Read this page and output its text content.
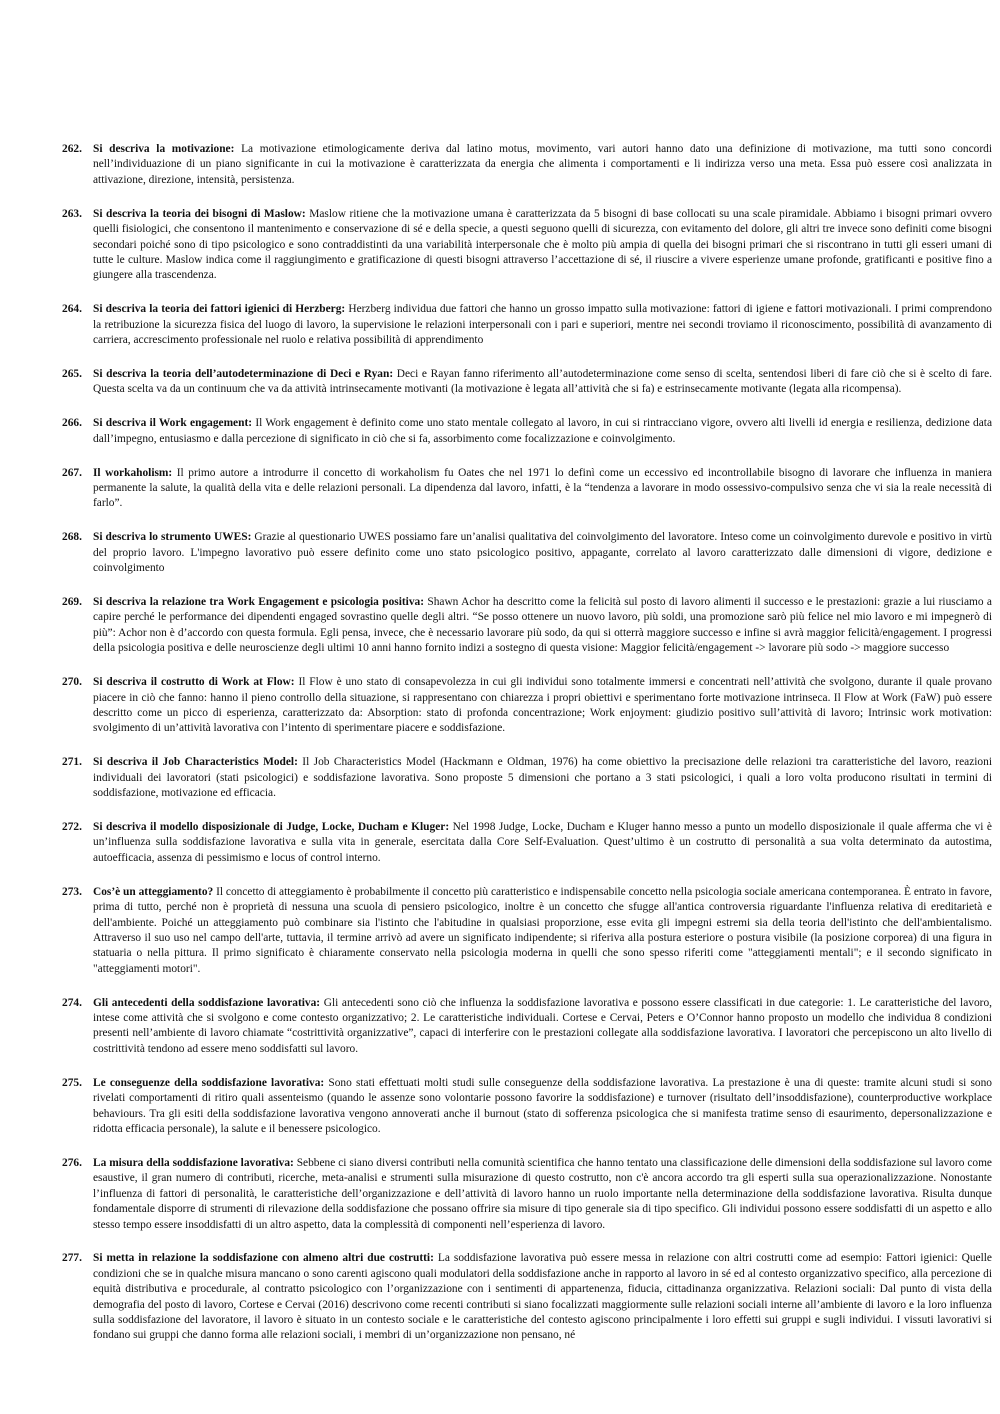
262. Si descriva la motivazione: La motivazione etimologicamente deriva dal latino motus, movimento, vari autori hanno dato una definizione di motivazione, ma tutti sono concordi nell’individuazione di un piano significante in cui la motivazione è caratterizzata da energia che alimenta i comportamenti e li indirizza verso una meta. Essa può essere così analizzata in attivazione, direzione, intensità, persistenza.
263. Si descriva la teoria dei bisogni di Maslow: Maslow ritiene che la motivazione umana è caratterizzata da 5 bisogni di base collocati su una scale piramidale. Abbiamo i bisogni primari ovvero quelli fisiologici, che consentono il mantenimento e conservazione di sé e della specie, a questi seguono quelli di sicurezza, con evitamento del dolore, gli altri tre invece sono definiti come bisogni secondari poiché sono di tipo psicologico e sono contraddistinti da una variabilità interpersonale che è molto più ampia di quella dei bisogni primari che si riscontrano in tutti gli esseri umani di tutte le culture. Maslow indica come il raggiungimento e gratificazione di questi bisogni attraverso l’accettazione di sé, il riuscire a vivere esperienze umane profonde, gratificanti e positive fino a giungere alla trascendenza.
264. Si descriva la teoria dei fattori igienici di Herzberg: Herzberg individua due fattori che hanno un grosso impatto sulla motivazione: fattori di igiene e fattori motivazionali. I primi comprendono la retribuzione la sicurezza fisica del luogo di lavoro, la supervisione le relazioni interpersonali con i pari e superiori, mentre nei secondi troviamo il riconoscimento, possibilità di avanzamento di carriera, accrescimento professionale nel ruolo e relativa possibilità di apprendimento
265. Si descriva la teoria dell’autodeterminazione di Deci e Ryan: Deci e Rayan fanno riferimento all’autodeterminazione come senso di scelta, sentendosi liberi di fare ciò che si è scelto di fare. Questa scelta va da un continuum che va da attività intrinsecamente motivanti (la motivazione è legata all’attività che si fa) e estrinsecamente motivante (legata alla ricompensa).
266. Si descriva il Work engagement: Il Work engagement è definito come uno stato mentale collegato al lavoro, in cui si rintracciano vigore, ovvero alti livelli id energia e resilienza, dedizione data dall’impegno, entusiasmo e dalla percezione di significato in ciò che si fa, assorbimento come focalizzazione e coinvolgimento.
267. Il workaholism: Il primo autore a introdurre il concetto di workaholism fu Oates che nel 1971 lo definì come un eccessivo ed incontrollabile bisogno di lavorare che influenza in maniera permanente la salute, la qualità della vita e delle relazioni personali. La dipendenza dal lavoro, infatti, è la “tendenza a lavorare in modo ossessivo-compulsivo senza che vi sia la reale necessità di farlo”.
268. Si descriva lo strumento UWES: Grazie al questionario UWES possiamo fare un’analisi qualitativa del coinvolgimento del lavoratore. Inteso come un coinvolgimento durevole e positivo in virtù del proprio lavoro. L'impegno lavorativo può essere definito come uno stato psicologico positivo, appagante, correlato al lavoro caratterizzato dalle dimensioni di vigore, dedizione e coinvolgimento
269. Si descriva la relazione tra Work Engagement e psicologia positiva: Shawn Achor ha descritto come la felicità sul posto di lavoro alimenti il successo e le prestazioni: grazie a lui riusciamo a capire perché le performance dei dipendenti engaged sovrastino quelle degli altri. “Se posso ottenere un nuovo lavoro, più soldi, una promozione sarò più felice nel mio lavoro e mi impegnerò di più”: Achor non è d’accordo con questa formula. Egli pensa, invece, che è necessario lavorare più sodo, da qui si otterrà maggiore successo e infine si avrà maggior felicità/engagement. I progressi della psicologia positiva e delle neuroscienze degli ultimi 10 anni hanno fornito indizi a sostegno di questa visione: Maggior felicità/engagement -> lavorare più sodo -> maggiore successo
270. Si descriva il costrutto di Work at Flow: Il Flow è uno stato di consapevolezza in cui gli individui sono totalmente immersi e concentrati nell’attività che svolgono, durante il quale provano piacere in ciò che fanno: hanno il pieno controllo della situazione, si rappresentano con chiarezza i propri obiettivi e sperimentano forte motivazione intrinseca. Il Flow at Work (FaW) può essere descritto come un picco di esperienza, caratterizzato da: Absorption: stato di profonda concentrazione; Work enjoyment: giudizio positivo sull’attività di lavoro; Intrinsic work motivation: svolgimento di un’attività lavorativa con l’intento di sperimentare piacere e soddisfazione.
271. Si descriva il Job Characteristics Model: Il Job Characteristics Model (Hackmann e Oldman, 1976) ha come obiettivo la precisazione delle relazioni tra caratteristiche del lavoro, reazioni individuali dei lavoratori (stati psicologici) e soddisfazione lavorativa. Sono proposte 5 dimensioni che portano a 3 stati psicologici, i quali a loro volta producono risultati in termini di soddisfazione, motivazione ed efficacia.
272. Si descriva il modello disposizionale di Judge, Locke, Ducham e Kluger: Nel 1998 Judge, Locke, Ducham e Kluger hanno messo a punto un modello disposizionale il quale afferma che vi è un’influenza sulla soddisfazione lavorativa e sulla vita in generale, esercitata dalla Core Self-Evaluation. Quest’ultimo è un costrutto di personalità a sua volta determinato da autostima, autoefficacia, assenza di pessimismo e locus of control interno.
273. Cos’è un atteggiamento? Il concetto di atteggiamento è probabilmente il concetto più caratteristico e indispensabile concetto nella psicologia sociale americana contemporanea. È entrato in favore, prima di tutto, perché non è proprietà di nessuna una scuola di pensiero psicologico, inoltre è un concetto che sfugge all'antica controversia riguardante l'influenza relativa di ereditarietà e dell'ambiente. Poiché un atteggiamento può combinare sia l'istinto che l'abitudine in qualsiasi proporzione, esse evita gli impegni estremi sia della teoria dell'istinto che dell'ambientalismo. Attraverso il suo uso nel campo dell'arte, tuttavia, il termine arrivò ad avere un significato indipendente; si riferiva alla postura esteriore o postura visibile (la posizione corporea) di una figura in statuaria o nella pittura. Il primo significato è chiaramente conservato nella psicologia moderna in quelli che sono spesso riferiti come "atteggiamenti mentali"; e il secondo significato in "atteggiamenti motori".
274. Gli antecedenti della soddisfazione lavorativa: Gli antecedenti sono ciò che influenza la soddisfazione lavorativa e possono essere classificati in due categorie: 1. Le caratteristiche del lavoro, intese come attività che si svolgono e come contesto organizzativo; 2. Le caratteristiche individuali. Cortese e Cervai, Peters e O’Connor hanno proposto un modello che individua 8 condizioni presenti nell’ambiente di lavoro chiamate “costrittività organizzative”, capaci di interferire con le prestazioni collegate alla soddisfazione lavorativa. I lavoratori che percepiscono un alto livello di costrittività tendono ad essere meno soddisfatti sul lavoro.
275. Le conseguenze della soddisfazione lavorativa: Sono stati effettuati molti studi sulle conseguenze della soddisfazione lavorativa. La prestazione è una di queste: tramite alcuni studi si sono rivelati comportamenti di ritiro quali assenteismo (quando le assenze sono volontarie possono favorire la soddisfazione) e turnover (risultato dell’insoddisfazione), counterproductive workplace behaviours. Tra gli esiti della soddisfazione lavorativa vengono annoverati anche il burnout (stato di sofferenza psicologica che si manifesta tratime senso di esaurimento, depersonalizzazione e ridotta efficacia personale), la salute e il benessere psicologico.
276. La misura della soddisfazione lavorativa: Sebbene ci siano diversi contributi nella comunità scientifica che hanno tentato una classificazione delle dimensioni della soddisfazione sul lavoro come esaustive, il gran numero di contributi, ricerche, meta-analisi e strumenti sulla misurazione di questo costrutto, non c'è ancora accordo tra gli esperti sulla sua operazionalizzazione. Nonostante l’influenza di fattori di personalità, le caratteristiche dell’organizzazione e dell’attività di lavoro hanno un ruolo importante nella determinazione della soddisfazione lavorativa. Risulta dunque fondamentale disporre di strumenti di rilevazione della soddisfazione che possano offrire sia misure di tipo generale sia di tipo specifico. Gli individui possono essere soddisfatti di un aspetto e allo stesso tempo essere insoddisfatti di un altro aspetto, data la complessità di componenti nell’esperienza di lavoro.
277. Si metta in relazione la soddisfazione con almeno altri due costrutti: La soddisfazione lavorativa può essere messa in relazione con altri costrutti come ad esempio: Fattori igienici: Quelle condizioni che se in qualche misura mancano o sono carenti agiscono quali modulatori della soddisfazione anche in rapporto al lavoro in sé ed al contesto organizzativo specifico, alla percezione di equità distributiva e procedurale, al contratto psicologico con l’organizzazione con i sentimenti di appartenenza, fiducia, cittadinanza organizzativa. Relazioni sociali: Dal punto di vista della demografia del posto di lavoro, Cortese e Cervai (2016) descrivono come recenti contributi si siano focalizzati maggiormente sulle relazioni sociali interne all’ambiente di lavoro e la loro influenza sulla soddisfazione del lavoratore, il lavoro è situato in un contesto sociale e le caratteristiche del contesto agiscono principalmente i loro effetti sui gruppi e sugli individui. I vissuti lavorativi si fondano sui gruppi che danno forma alle relazioni sociali, i membri di un’organizzazione non pensano, né
